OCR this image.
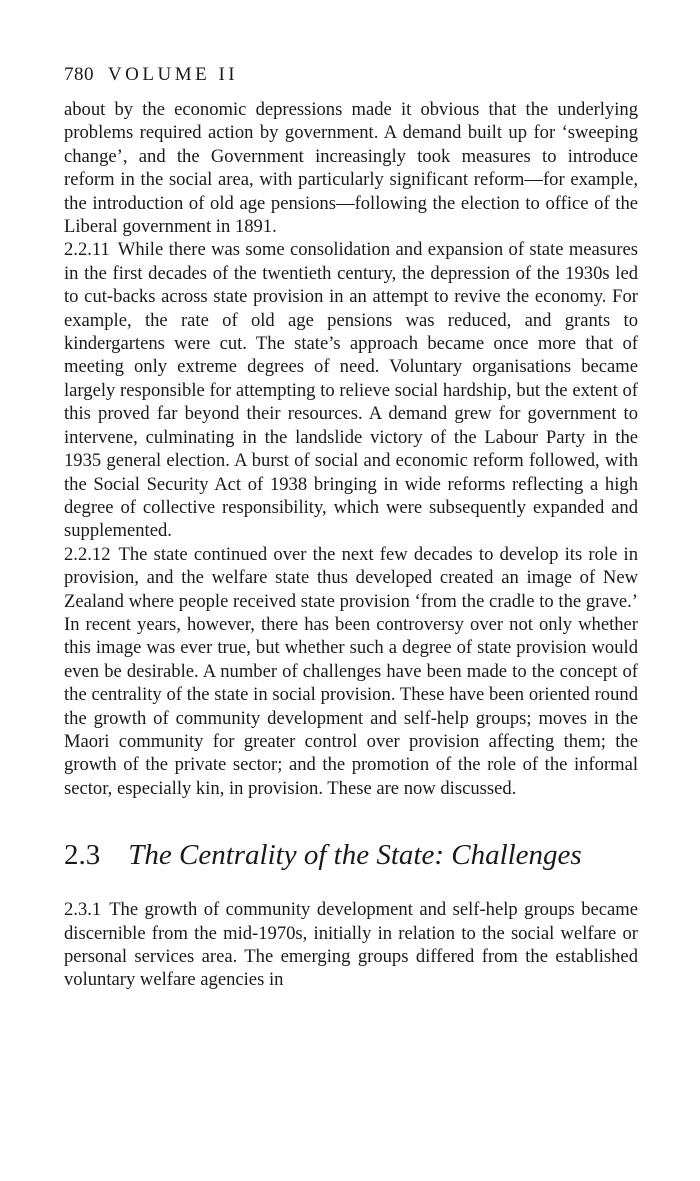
780 VOLUME II

about by the economic depressions made it obvious that the underlying problems required action by government. A demand built up for ‘sweeping change’, and the Government increasingly took measures to introduce reform in the social area, with particularly significant reform—for example, the introduction of old age pensions—following the election to office of the Liberal government in 1891.

2.2.11 While there was some consolidation and expansion of state measures in the first decades of the twentieth century, the depression of the 1930s led to cut-backs across state provision in an attempt to revive the economy. For example, the rate of old age pensions was reduced, and grants to kindergartens were cut. The state’s approach became once more that of meeting only extreme degrees of need. Voluntary organisations became largely responsible for attempting to relieve social hardship, but the extent of this proved far beyond their resources. A demand grew for government to intervene, culminating in the landslide victory of the Labour Party in the 1935 general election. A burst of social and economic reform followed, with the Social Security Act of 1938 bringing in wide reforms reflecting a high degree of collective responsibility, which were subsequently expanded and supplemented.

2.2.12 The state continued over the next few decades to develop its role in provision, and the welfare state thus developed created an image of New Zealand where people received state provision ‘from the cradle to the grave.’ In recent years, however, there has been controversy over not only whether this image was ever true, but whether such a degree of state provision would even be desirable. A number of challenges have been made to the concept of the centrality of the state in social provision. These have been oriented round the growth of community development and self-help groups; moves in the Maori community for greater control over provision affecting them; the growth of the private sector; and the promotion of the role of the informal sector, especially kin, in provision. These are now discussed.

2.3 The Centrality of the State: Challenges

2.3.1 The growth of community development and self-help groups became discernible from the mid-1970s, initially in relation to the social welfare or personal services area. The emerging groups differed from the established voluntary welfare agencies in
